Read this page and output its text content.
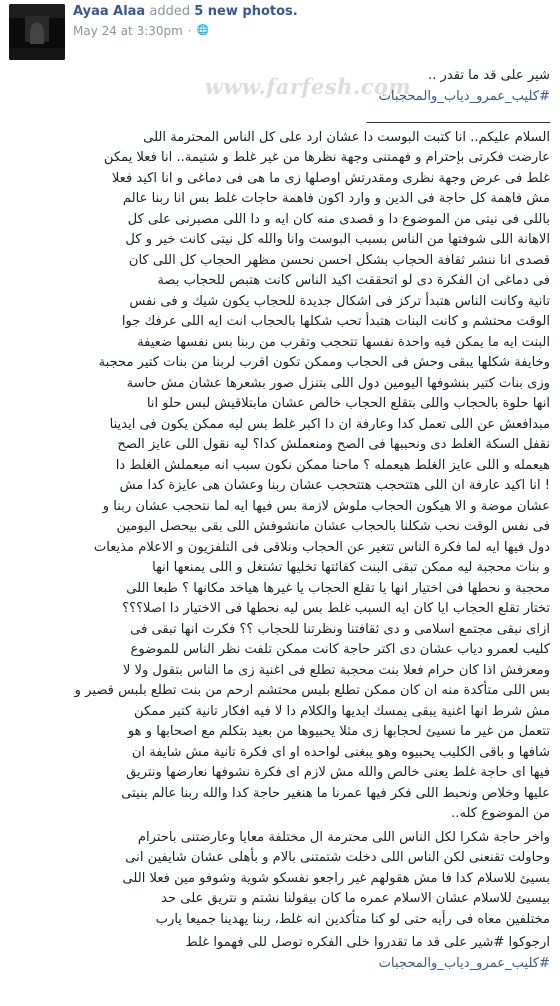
Ayaa Alaa added 5 new photos.
May 24 at 3:30pm · 🌐
www.farfesh.com	شير على قد ما تقدر ..

#كليب_عمرو_دياب_والمحجبات

____________________________

السلام عليكم.. انا كتبت البوست دا عشان ارد على كل الناس المحترمة اللى

عارضت فكرتى بإحترام و فهمتنى وجهة نظرها من غير غلط و شتيمة.. انا فعلا يمكن

غلط فى عرض وجهة نظرى ومقدرتش اوصلها زى ما هى فى دماغى و انا اكيد فعلا

مش فاهمة كل حاجة فى الدين و وارد اكون فاهمة حاجات غلط بس انا ربنا عالم

باللى فى نيتى من الموضوع دا و قصدى منه كان ايه و دا اللى مصبرنى على كل

الاهانة اللى شوفتها من الناس بسبب البوست وانا والله كل نيتى كانت خير و كل

قصدى انا ننشر ثقافة الحجاب بشكل احسن نحسن مظهر الحجاب كل اللى كان

فى دماغى ان الفكرة دى لو اتحققت اكيد الناس كانت هتبص للحجاب بصة

تانية وكانت الناس هتبدأ تركز فى اشكال جديدة للحجاب يكون شيك و فى نفس

الوقت محتشم و كانت البنات هتبدأ تحب شكلها بالحجاب انت ايه اللى عرفك جوا

البنت ايه ما يمكن فيه واحدة نفسها تتحجب وتقرب من ربنا بس نفسها ضعيفة

وخايفة شكلها يبقى وحش فى الحجاب وممكن تكون اقرب لربنا من بنات كتير محجبة

وزى بنات كتير بنشوفها اليومين دول اللى بتنزل صور بشعرها عشان مش حاسة

انها حلوة بالحجاب واللى بتقلع الحجاب خالص عشان مابتلاقيش لبس حلو انا

مبدافعش عن اللى تعمل كدا وعارفة ان دا اكبر غلط بس ليه ممكن يكون فى ايدينا

نقفل السكة الغلط دى ونحببها فى الصح ومنعملش كدا؟ ليه نقول اللى عايز الصح

هيعمله و اللى عايز الغلط هيعمله ؟ ماحنا ممكن نكون سبب انه ميعملش الغلط دا

! انا اكيد عارفة ان اللى هتتحجب هتتحجب عشان ربنا وعشان هى عايزة كدا مش

عشان موضة و الا هيكون الحجاب ملوش لازمة بس فيها ايه لما نتحجب عشان ربنا و

فى نفس الوقت نحب شكلنا بالحجاب عشان مانشوفش اللى بقى بيحصل اليومين

دول فيها ايه لما فكرة الناس تتغير عن الحجاب ونلاقى فى التلفزيون و الاعلام مذيعات

و بنات محجبة ليه ممكن تبقى البنت كفائتها تخليها تشتغل و اللى يمنعها انها

محجبة و نحطها فى اختيار انها يا تقلع الحجاب يا غيرها هياخد مكانها ؟ طبعا اللى

تختار تقلع الحجاب ايا كان ايه السبب غلط بس ليه نحطها فى الاختيار دا اصلا؟؟؟

ازاى نبقى مجتمع اسلامى و دى ثقافتنا ونظرتنا للحجاب ؟؟ فكرت انها تبقى فى

كليب لعمرو دياب عشان دى اكتر حاجة كانت ممكن تلفت نظر الناس للموضوع

ومعرفش اذا كان حرام فعلا بنت محجبة تطلع فى اغنية زى ما الناس بتقول ولا لا

بس اللى متأكدة منه ان كان ممكن تطلع بلبس محتشم ارحم من بنت تطلع بلبس قصير و

مش شرط انها اغنية يبقى يمسك ايديها والكلام دا لا فيه افكار تانية كتير ممكن

تتعمل من غير ما نسيئ لحجابها زى مثلا يحبيوها من بعيد بتكلم مع اصحابها و هو

شافها و باقى الكليب يحبيوه وهو يبغنى لواحده او اى فكرة تانية مش شايفة ان

فيها اى حاجة غلط يعنى خالص والله مش لازم اى فكرة نشوفها نعارضها ونتريق

عليها وخلاص ونحبط اللى فكر فيها عمرنا ما هنغير حاجة كدا والله ربنا عالم بنيتى

من الموضوع كله..

واخر حاجة شكرا لكل الناس اللى محترمة ال مختلفة معايا وعارضتنى باحترام

وحاولت تقنعنى لكن الناس اللى دخلت شتمتنى بالام و بأهلى عشان شايفين انى

بسيئ للاسلام كدا فا مش هقولهم غير راجعو نفسكو شوية وشوفو مين فعلا اللى

بيسيئ للاسلام عشان الاسلام عمره ما كان بيقولنا نشتم و نتريق على حد

مختلفين معاه فى رأيه حتى لو كنا متأكدين انه غلط، ربنا يهدينا جميعا يارب

ارجوكوا #شير على قد ما تقدروا خلى الفكره توصل للى فهموا غلط

#كليب_عمرو_دياب_والمحجبات
